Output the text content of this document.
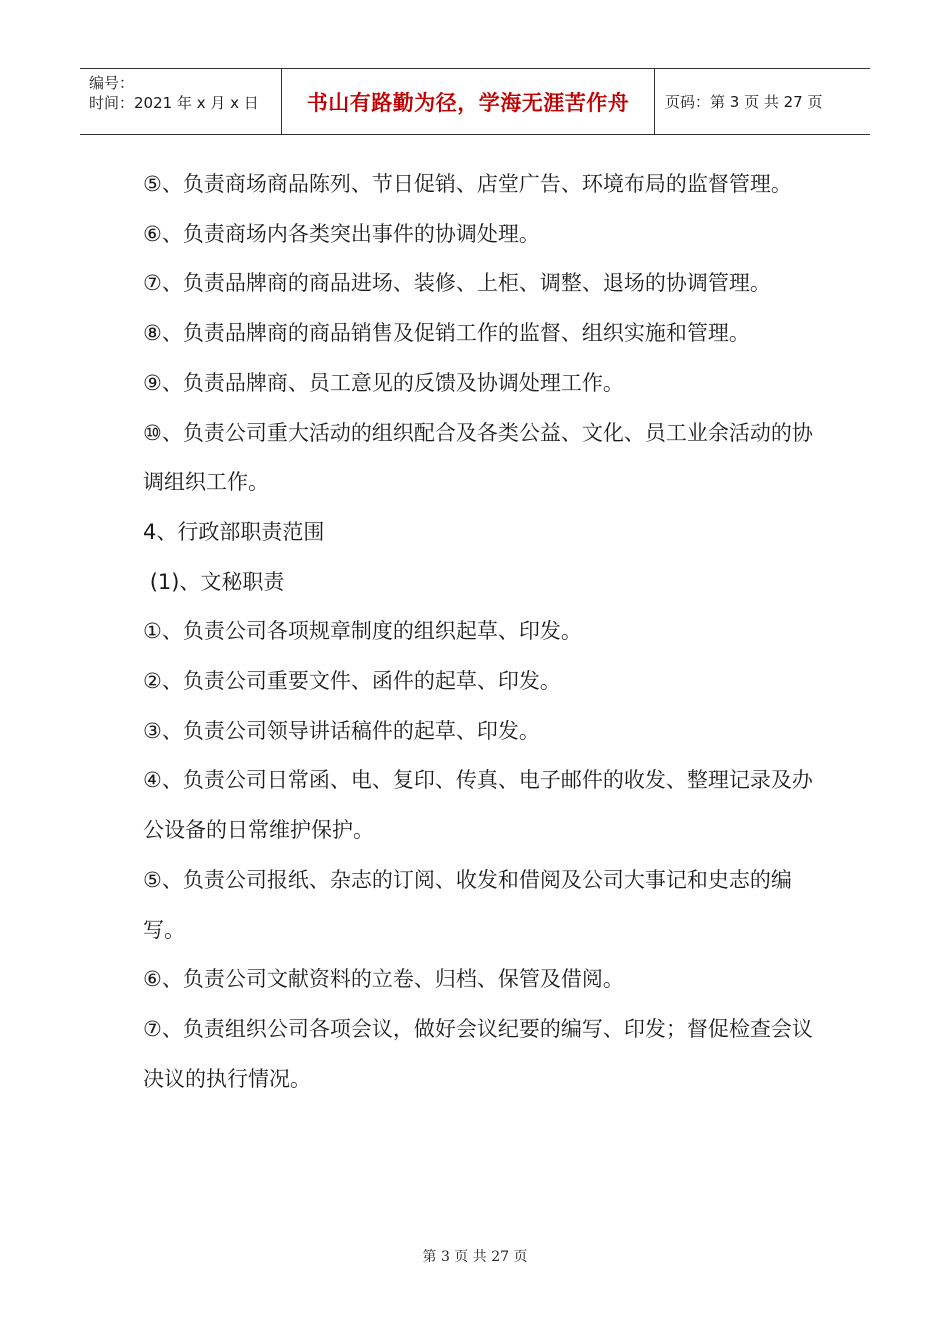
编号：
时间：2021 年 x 月 x 日	书山有路勤为径，学海无涯苦作舟	页码：第 3 页 共 27 页

⑤、负责商场商品陈列、节日促销、店堂广告、环境布局的监督管理。

⑥、负责商场内各类突出事件的协调处理。

⑦、负责品牌商的商品进场、装修、上柜、调整、退场的协调管理。

⑧、负责品牌商的商品销售及促销工作的监督、组织实施和管理。

⑨、负责品牌商、员工意见的反馈及协调处理工作。

⑩、负责公司重大活动的组织配合及各类公益、文化、员工业余活动的协调组织工作。

4、行政部职责范围

(1)、文秘职责

①、负责公司各项规章制度的组织起草、印发。

②、负责公司重要文件、函件的起草、印发。

③、负责公司领导讲话稿件的起草、印发。

④、负责公司日常函、电、复印、传真、电子邮件的收发、整理记录及办公设备的日常维护保护。

⑤、负责公司报纸、杂志的订阅、收发和借阅及公司大事记和史志的编写。

⑥、负责公司文献资料的立卷、归档、保管及借阅。

⑦、负责组织公司各项会议，做好会议纪要的编写、印发；督促检查会议决议的执行情况。

第 3 页 共 27 页
